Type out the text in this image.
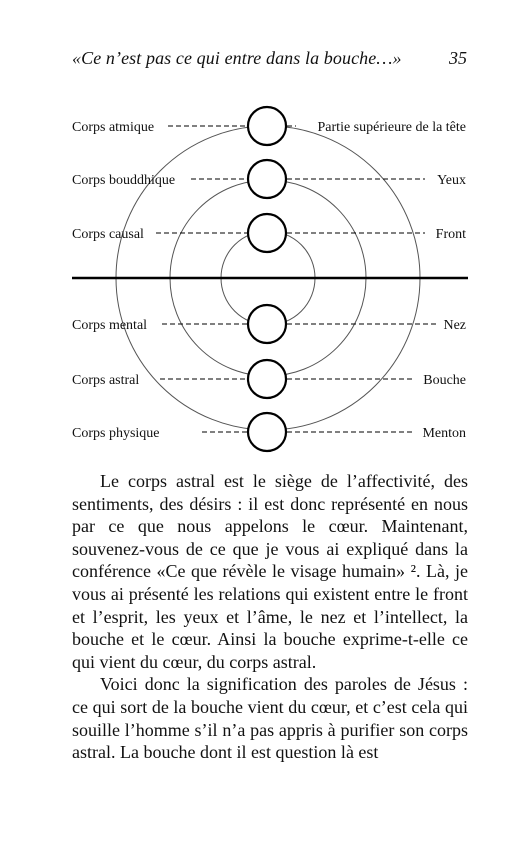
«Ce n’est pas ce qui entre dans la bouche…»	35
Corps atmique
Corps bouddhique
Corps causal
Corps mental
Corps astral
Corps physique
Partie supérieure de la tête
Yeux
Front
Nez
Bouche
Menton

Le corps astral est le siège de l’affectivité, des sentiments, des désirs : il est donc représenté en nous par ce que nous appelons le cœur. Maintenant, souvenez-vous de ce que je vous ai expliqué dans la conférence «Ce que révèle le visage humain» ². Là, je vous ai présenté les relations qui existent entre le front et l’esprit, les yeux et l’âme, le nez et l’intellect, la bouche et le cœur. Ainsi la bouche exprime-t-elle ce qui vient du cœur, du corps astral.

Voici donc la signification des paroles de Jésus : ce qui sort de la bouche vient du cœur, et c’est cela qui souille l’homme s’il n’a pas appris à purifier son corps astral. La bouche dont il est question là est
